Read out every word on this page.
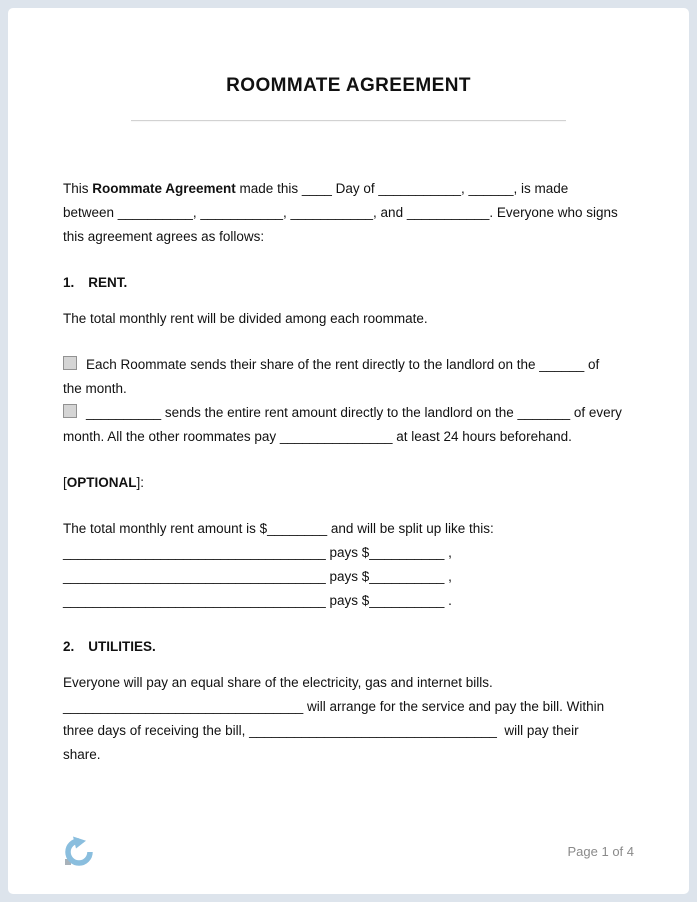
ROOMMATE AGREEMENT
This Roommate Agreement made this ____ Day of ___________, ______, is made
between __________, ___________, ___________, and ___________. Everyone who signs
this agreement agrees as follows:
1. RENT.
The total monthly rent will be divided among each roommate.
Each Roommate sends their share of the rent directly to the landlord on the ______ of
the month.
__________ sends the entire rent amount directly to the landlord on the _______ of every
month. All the other roommates pay _______________ at least 24 hours beforehand.
[OPTIONAL]:
The total monthly rent amount is $________ and will be split up like this:
___________________________________ pays $__________ ,
___________________________________ pays $__________ ,
___________________________________ pays $__________ .
2. UTILITIES.
Everyone will pay an equal share of the electricity, gas and internet bills.
________________________________ will arrange for the service and pay the bill. Within
three days of receiving the bill, _________________________________  will pay their
share.
Page 1 of 4
